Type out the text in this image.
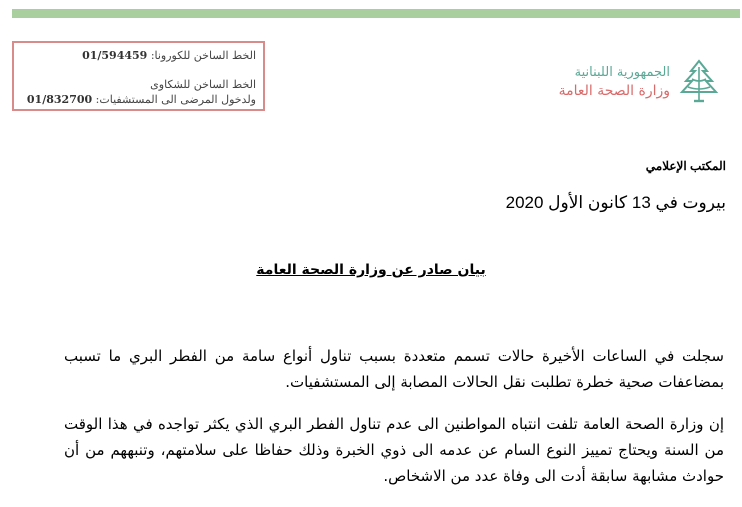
الخط الساخن للكورونا: 01/594459
الخط الساخن للشكاوى
ولدخول المرضى الى المستشفيات: 01/832700
الجمهورية اللبنانية
وزارة الصحة العامة
المكتب الإعلامي
بيروت في 13 كانون الأول 2020
بيان صادر عن وزارة الصحة العامة
سجلت في الساعات الأخيرة حالات تسمم متعددة بسبب تناول أنواع سامة من الفطر البري ما تسبب بمضاعفات صحية خطرة تطلبت نقل الحالات المصابة إلى المستشفيات.
إن وزارة الصحة العامة تلفت انتباه المواطنين الى عدم تناول الفطر البري الذي يكثر تواجده في هذا الوقت من السنة ويحتاج تمييز النوع السام عن عدمه الى ذوي الخبرة وذلك حفاظا على سلامتهم، وتنبههم من أن حوادث مشابهة سابقة أدت الى وفاة عدد من الاشخاص.
